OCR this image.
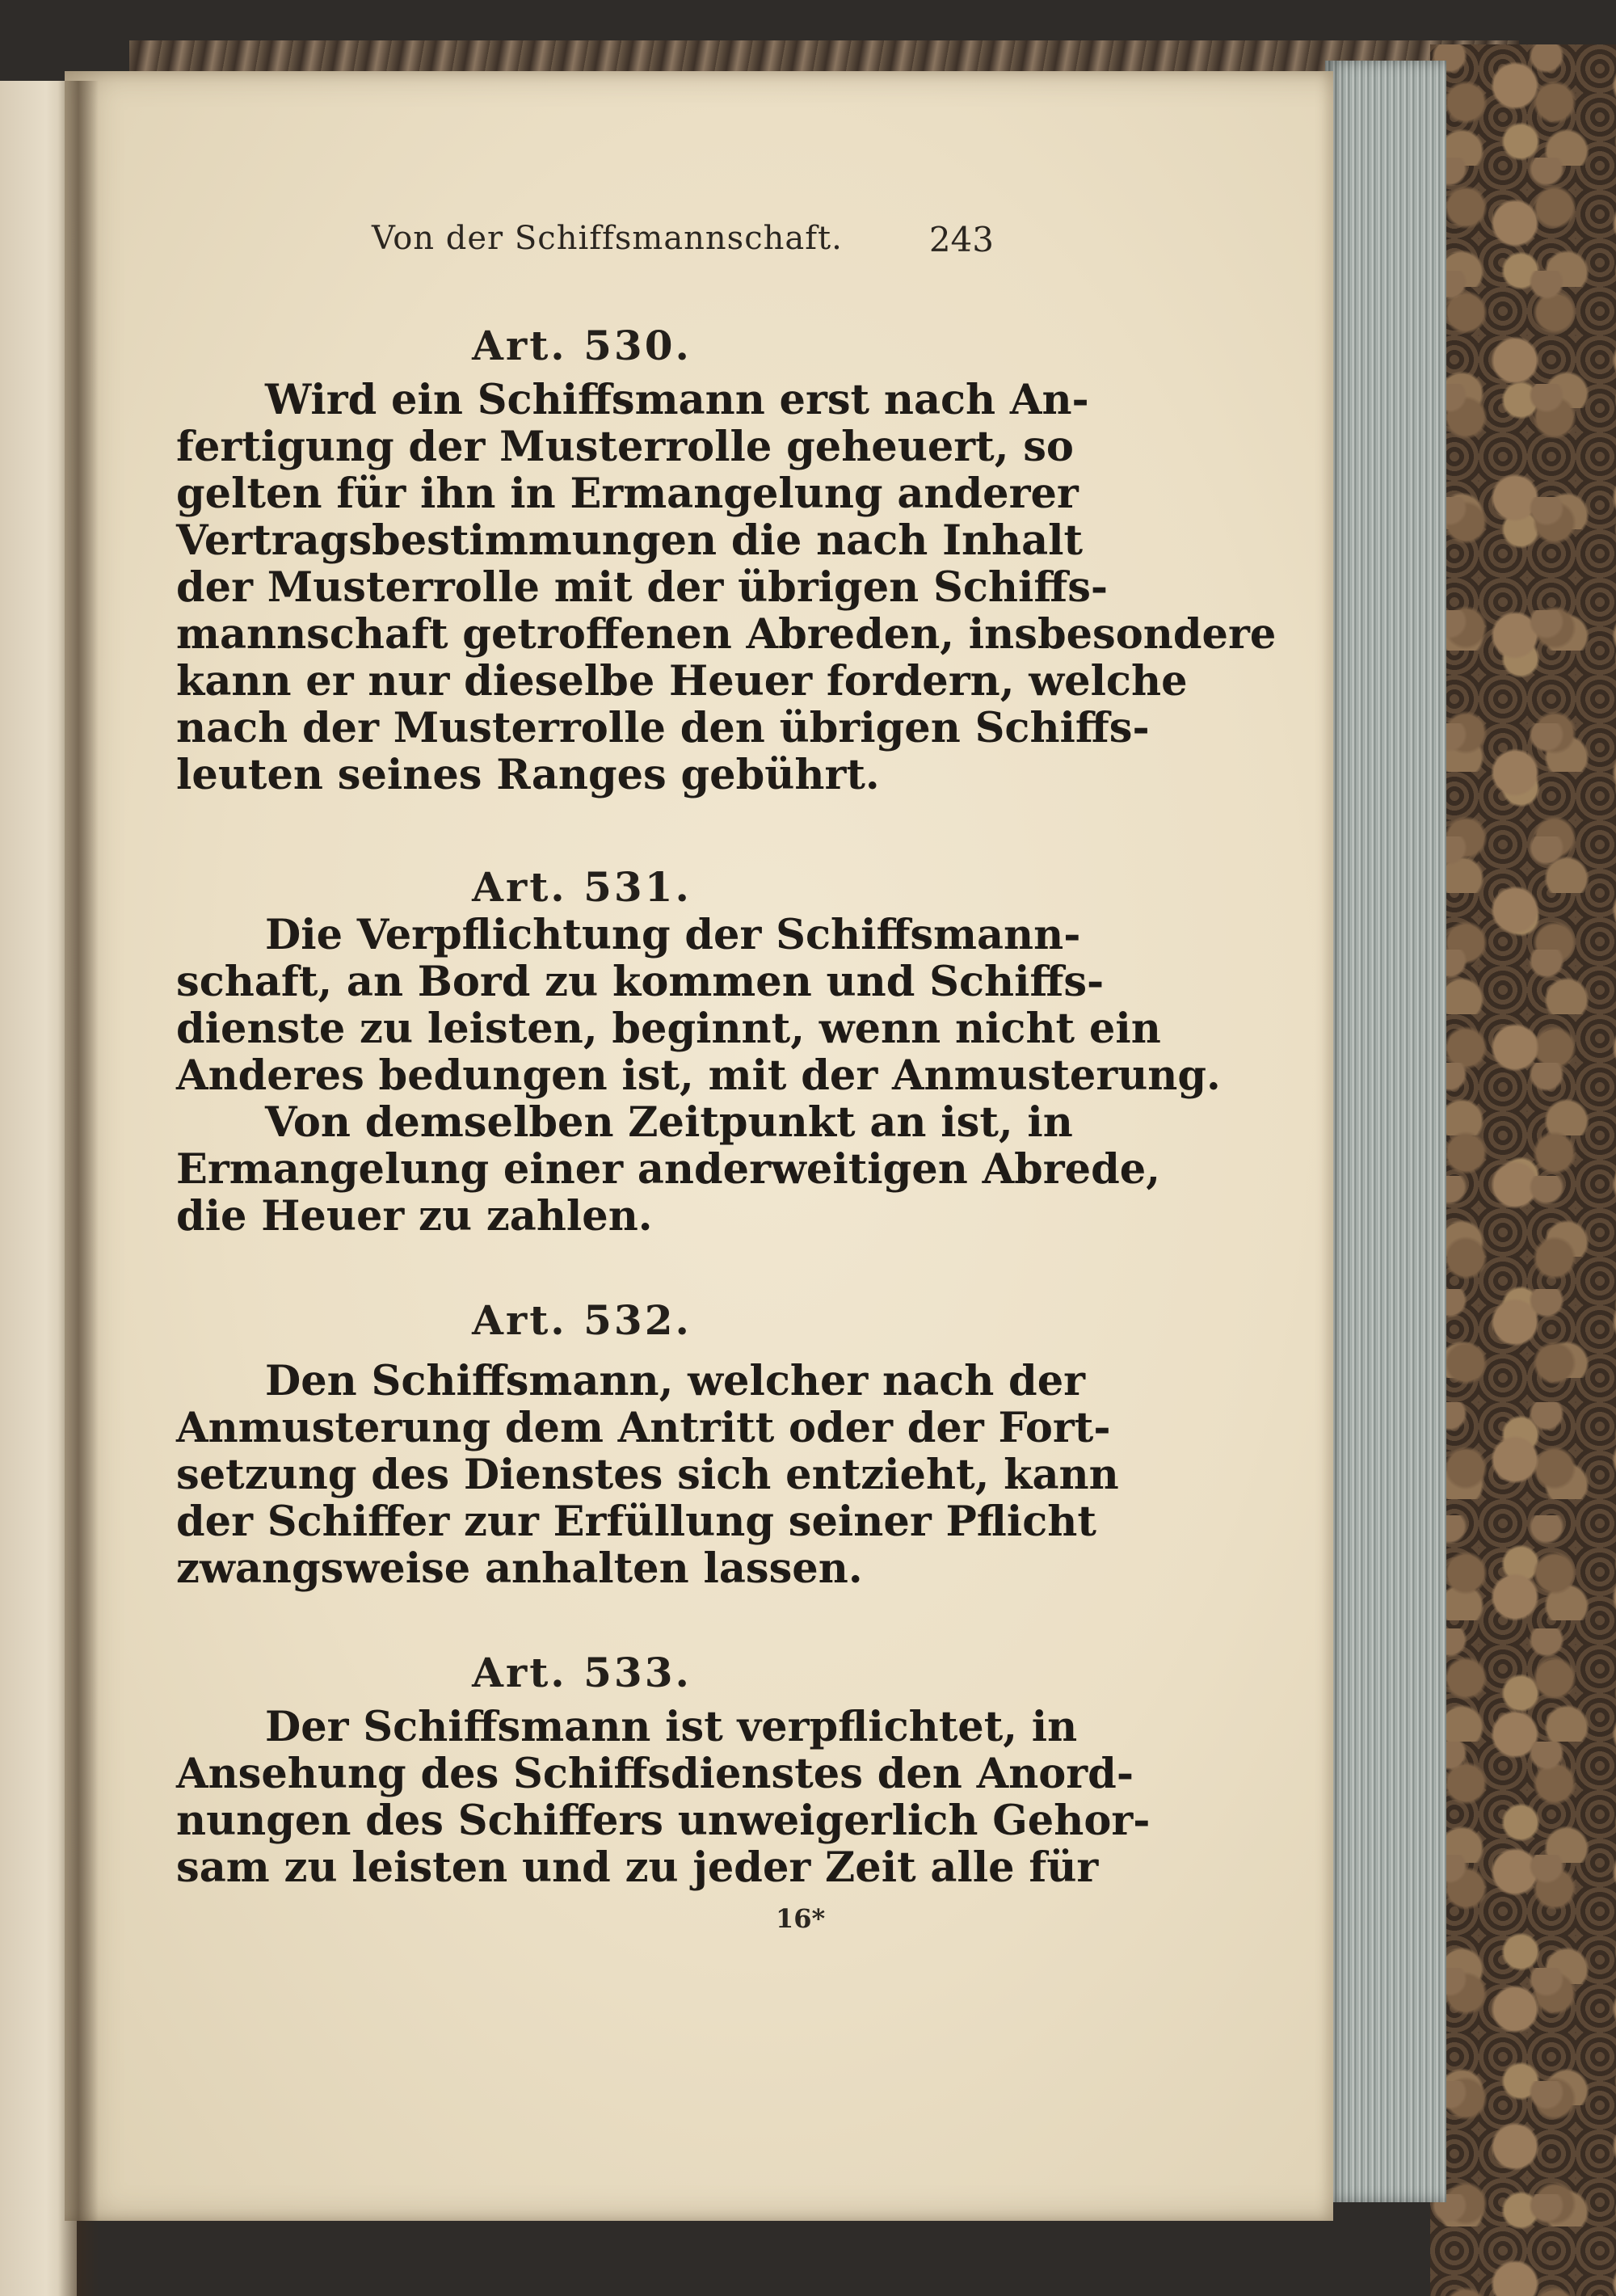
Von der Schiffsmannschaft.	243
Art. 530.
Wird ein Schiffsmann erst nach An-
fertigung der Musterrolle geheuert, so
gelten für ihn in Ermangelung anderer
Vertragsbestimmungen die nach Inhalt
der Musterrolle mit der übrigen Schiffs-
mannschaft getroffenen Abreden, insbesondere
kann er nur dieselbe Heuer fordern, welche
nach der Musterrolle den übrigen Schiffs-
leuten seines Ranges gebührt.
Art. 531.
Die Verpflichtung der Schiffsmann-
schaft, an Bord zu kommen und Schiffs-
dienste zu leisten, beginnt, wenn nicht ein
Anderes bedungen ist, mit der Anmusterung.
Von demselben Zeitpunkt an ist, in
Ermangelung einer anderweitigen Abrede,
die Heuer zu zahlen.
Art. 532.
Den Schiffsmann, welcher nach der
Anmusterung dem Antritt oder der Fort-
setzung des Dienstes sich entzieht, kann
der Schiffer zur Erfüllung seiner Pflicht
zwangsweise anhalten lassen.
Art. 533.
Der Schiffsmann ist verpflichtet, in
Ansehung des Schiffsdienstes den Anord-
nungen des Schiffers unweigerlich Gehor-
sam zu leisten und zu jeder Zeit alle für
16*
